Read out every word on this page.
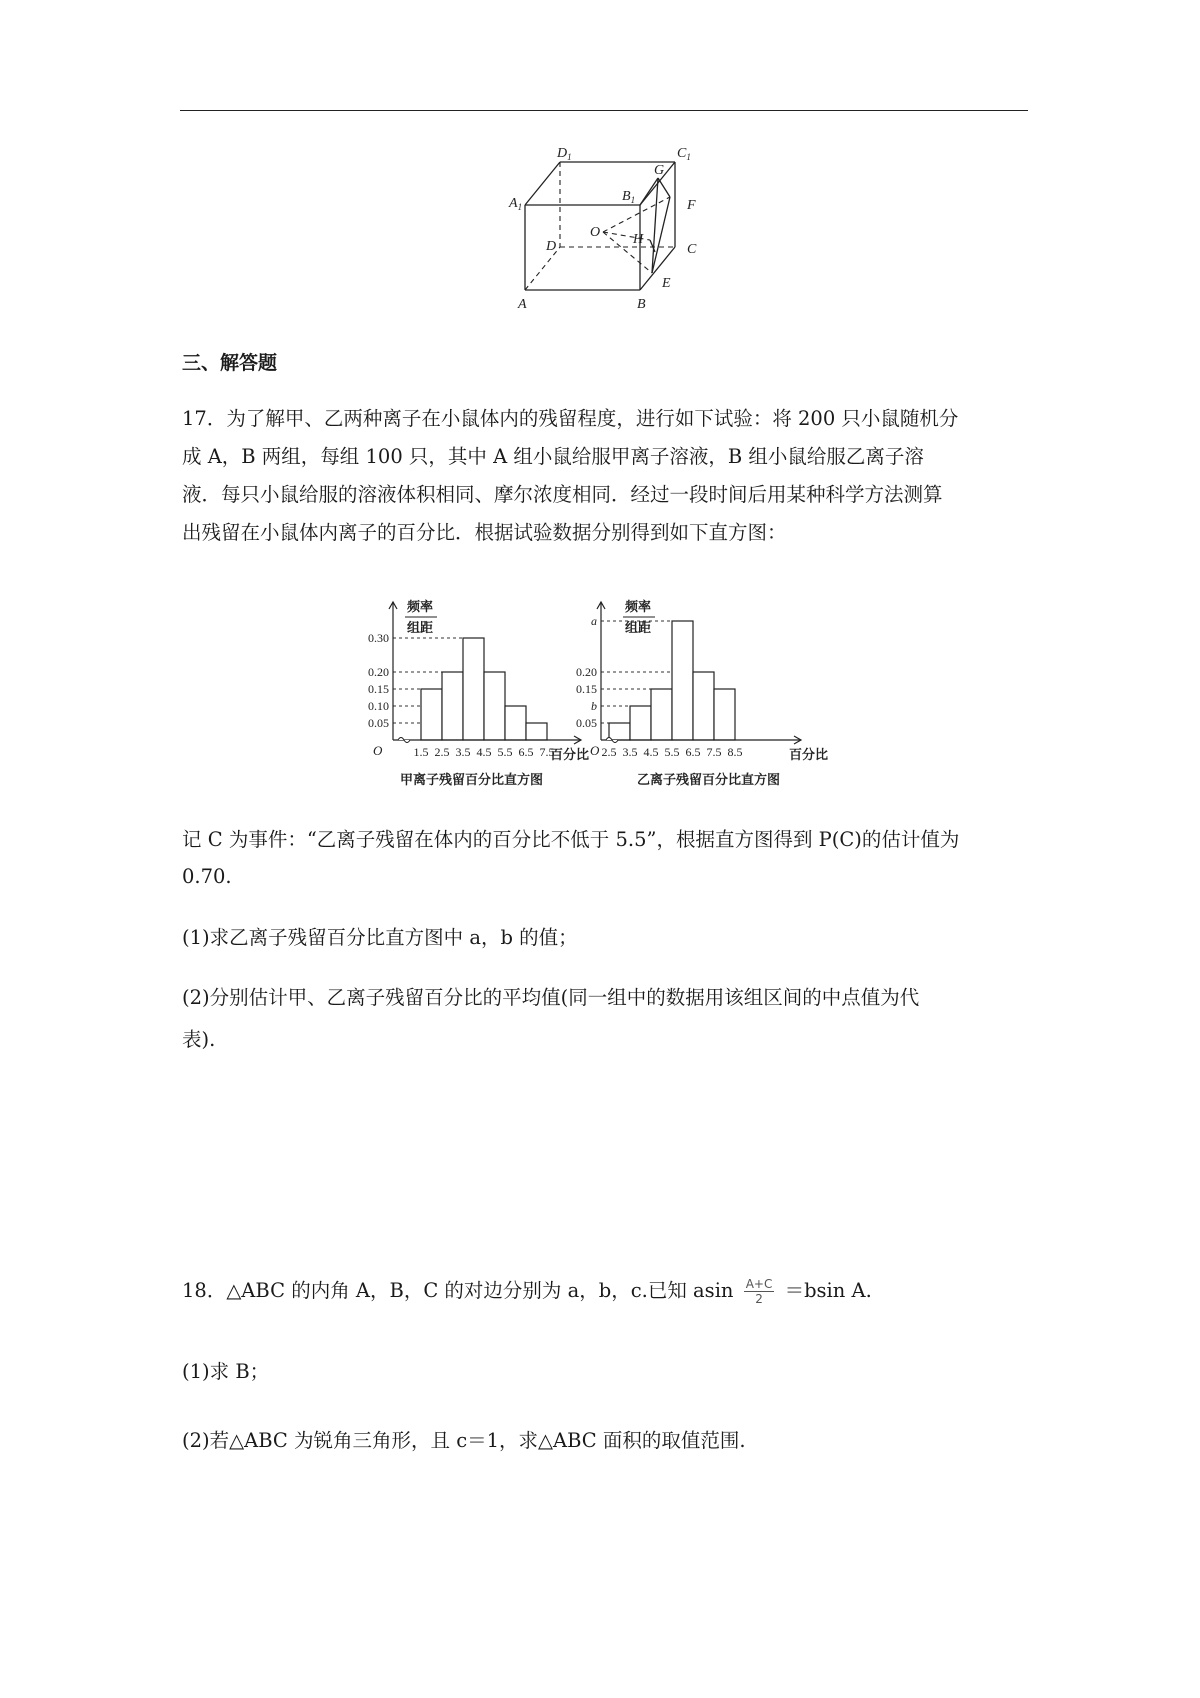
$D_1$	$C_1$
$A_1$
$B_1$
G
F
O H
D	C
E
A	B
三、解答题
17．为了解甲、乙两种离子在小鼠体内的残留程度，进行如下试验：将 200 只小鼠随机分
成 A，B 两组，每组 100 只，其中 A 组小鼠给服甲离子溶液，B 组小鼠给服乙离子溶
液．每只小鼠给服的溶液体积相同、摩尔浓度相同．经过一段时间后用某种科学方法测算
出残留在小鼠体内离子的百分比．根据试验数据分别得到如下直方图：
频率
组距
0.30
0.20
0.15
0.10
0.05
1.5 2.5 3.5 4.5 5.5 6.5 7.5
O	百分比
甲离子残留百分比直方图
频率
组距
a
0.20
0.15
b
0.05
2.5 3.5 4.5 5.5 6.5 7.5 8.5
O	百分比
乙离子残留百分比直方图
记 C 为事件：“乙离子残留在体内的百分比不低于 5.5”，根据直方图得到 P(C)的估计值为
0.70.
(1)求乙离子残留百分比直方图中 a，b 的值；
(2)分别估计甲、乙离子残留百分比的平均值(同一组中的数据用该组区间的中点值为代
表).
18．△ABC 的内角 A，B，C 的对边分别为 a，b，c.已知 asin $\frac{A+C}{2} =bsin$ A.
(1)求 B；
(2)若△ABC 为锐角三角形，且 c＝1，求△ABC 面积的取值范围.
